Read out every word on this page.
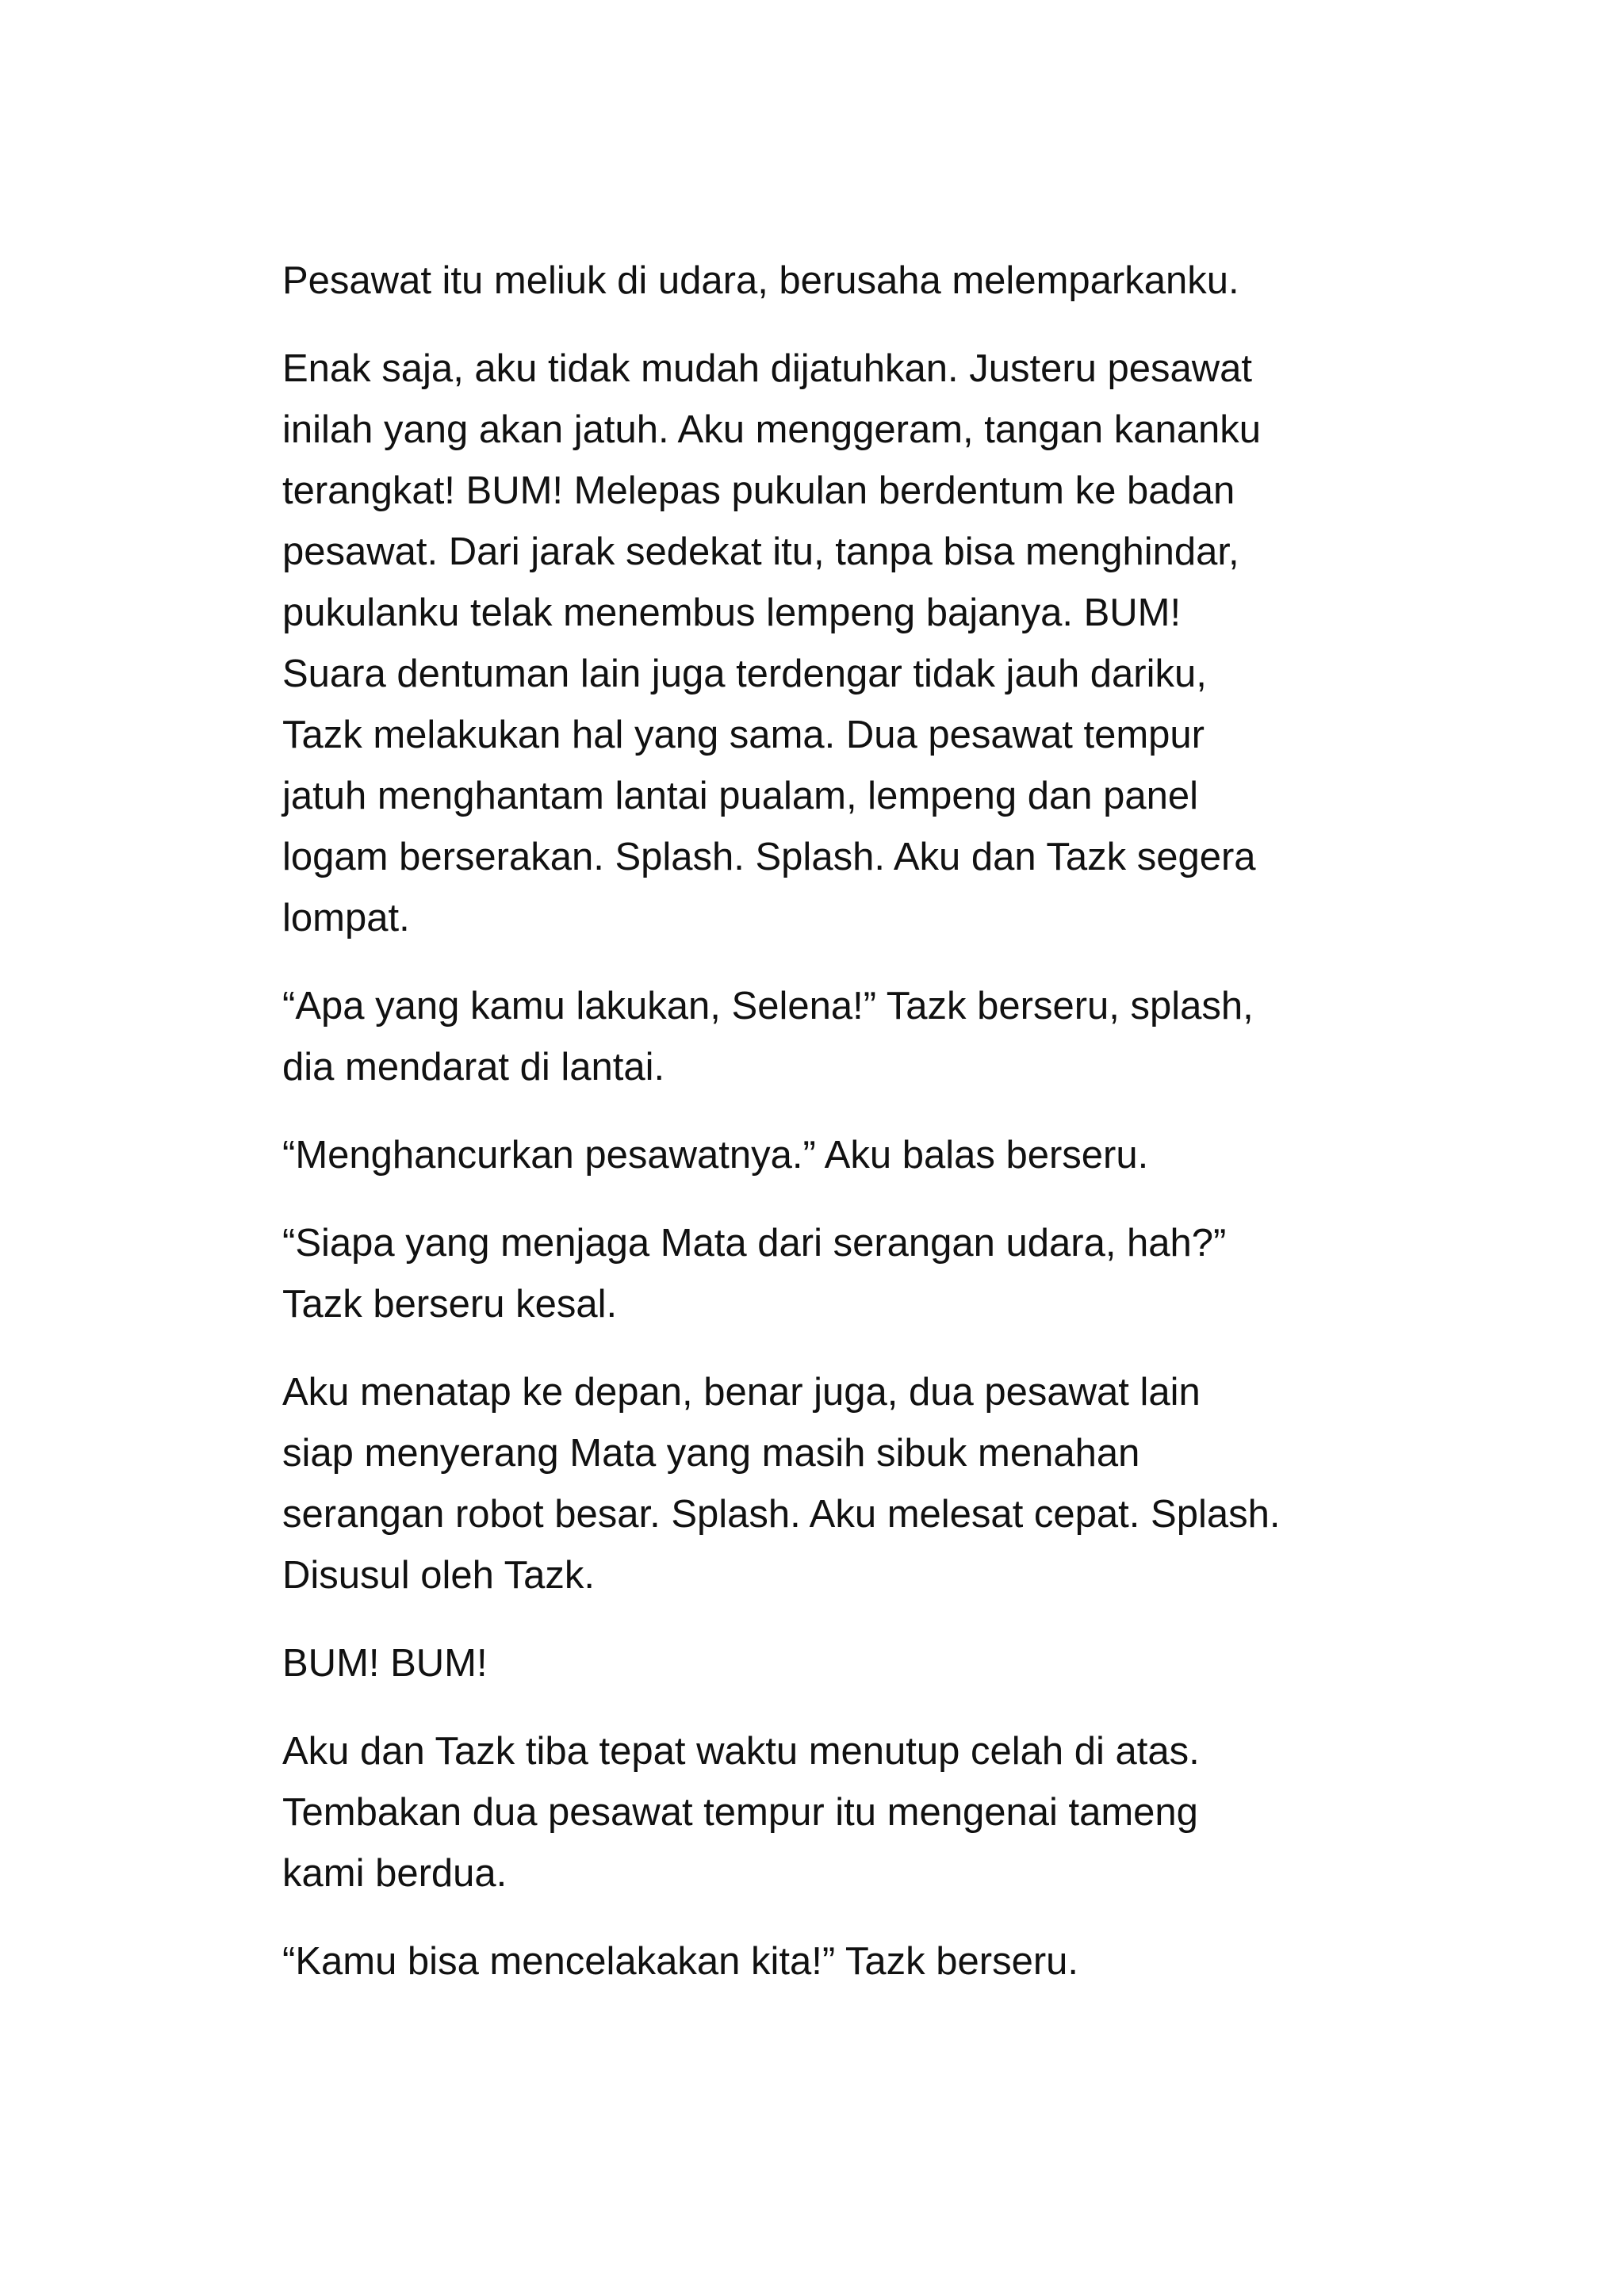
Pesawat itu meliuk di udara, berusaha melemparkanku.

Enak saja, aku tidak mudah dijatuhkan. Justeru pesawat
inilah yang akan jatuh. Aku menggeram, tangan kananku
terangkat! BUM! Melepas pukulan berdentum ke badan
pesawat. Dari jarak sedekat itu, tanpa bisa menghindar,
pukulanku telak menembus lempeng bajanya. BUM!
Suara dentuman lain juga terdengar tidak jauh dariku,
Tazk melakukan hal yang sama. Dua pesawat tempur
jatuh menghantam lantai pualam, lempeng dan panel
logam berserakan. Splash. Splash. Aku dan Tazk segera
lompat.

“Apa yang kamu lakukan, Selena!” Tazk berseru, splash,
dia mendarat di lantai.

“Menghancurkan pesawatnya.” Aku balas berseru.

“Siapa yang menjaga Mata dari serangan udara, hah?”
Tazk berseru kesal.

Aku menatap ke depan, benar juga, dua pesawat lain
siap menyerang Mata yang masih sibuk menahan
serangan robot besar. Splash. Aku melesat cepat. Splash.
Disusul oleh Tazk.

BUM! BUM!

Aku dan Tazk tiba tepat waktu menutup celah di atas.
Tembakan dua pesawat tempur itu mengenai tameng
kami berdua.

“Kamu bisa mencelakakan kita!” Tazk berseru.
